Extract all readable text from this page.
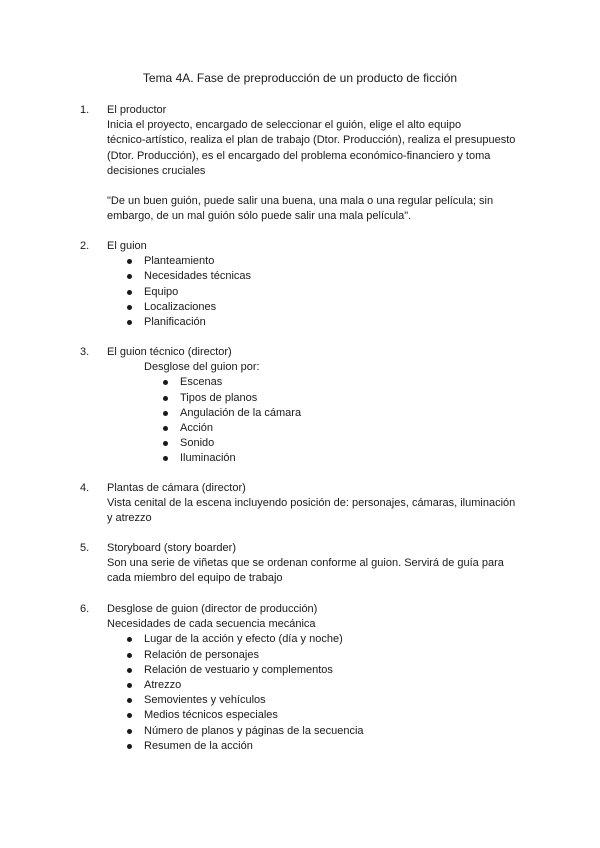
Tema 4A. Fase de preproducción de un producto de ficción
1. El productor
Inicia el proyecto, encargado de seleccionar el guión, elige el alto equipo
técnico-artístico, realiza el plan de trabajo (Dtor. Producción), realiza el presupuesto
(Dtor. Producción), es el encargado del problema económico-financiero y toma
decisiones cruciales
"De un buen guión, puede salir una buena, una mala o una regular película; sin
embargo, de un mal guión sólo puede salir una mala película".
2. El guion
Planteamiento
Necesidades técnicas
Equipo
Localizaciones
Planificación
3. El guion técnico (director)
Desglose del guion por:
Escenas
Tipos de planos
Angulación de la cámara
Acción
Sonido
Iluminación
4. Plantas de cámara (director)
Vista cenital de la escena incluyendo posición de: personajes, cámaras, iluminación
y atrezzo
5. Storyboard (story boarder)
Son una serie de viñetas que se ordenan conforme al guion. Servirá de guía para
cada miembro del equipo de trabajo
6. Desglose de guion (director de producción)
Necesidades de cada secuencia mecánica
Lugar de la acción y efecto (día y noche)
Relación de personajes
Relación de vestuario y complementos
Atrezzo
Semovientes y vehículos
Medios técnicos especiales
Número de planos y páginas de la secuencia
Resumen de la acción
